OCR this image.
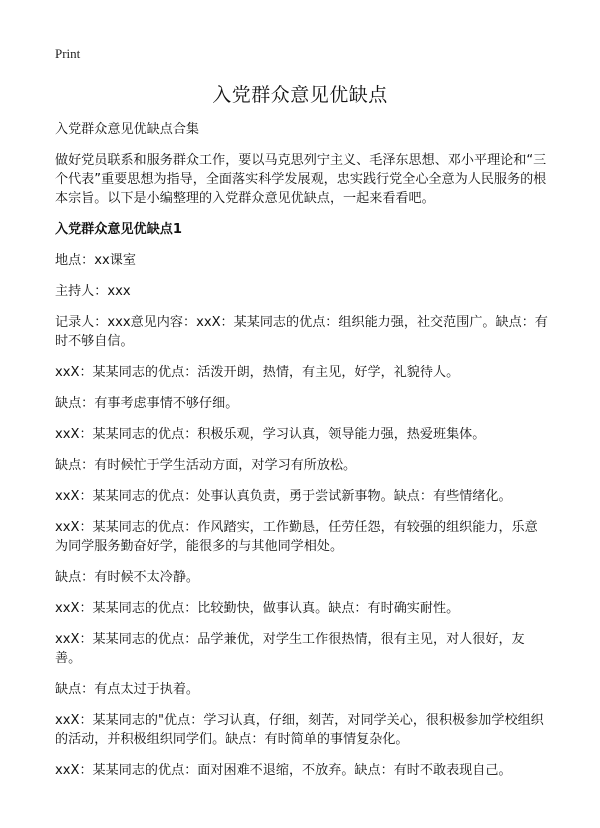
Print
入党群众意见优缺点

入党群众意见优缺点合集

做好党员联系和服务群众工作，要以马克思列宁主义、毛泽东思想、邓小平理论和“三个代表”重要思想为指导，全面落实科学发展观，忠实践行党全心全意为人民服务的根本宗旨。以下是小编整理的入党群众意见优缺点，一起来看看吧。

入党群众意见优缺点1

地点：xx课室

主持人：xxx

记录人：xxx意见内容：xxX：某某同志的优点：组织能力强，社交范围广。缺点：有时不够自信。

xxX：某某同志的优点：活泼开朗，热情，有主见，好学，礼貌待人。

缺点：有事考虑事情不够仔细。

xxX：某某同志的优点：积极乐观，学习认真，领导能力强，热爱班集体。

缺点：有时候忙于学生活动方面，对学习有所放松。

xxX：某某同志的优点：处事认真负责，勇于尝试新事物。缺点：有些情绪化。

xxX：某某同志的优点：作风踏实，工作勤恳，任劳任怨，有较强的组织能力，乐意为同学服务勤奋好学，能很多的与其他同学相处。

缺点：有时候不太冷静。

xxX：某某同志的优点：比较勤快，做事认真。缺点：有时确实耐性。

xxX：某某同志的优点：品学兼优，对学生工作很热情，很有主见，对人很好，友善。

缺点：有点太过于执着。

xxX：某某同志的"优点：学习认真，仔细，刻苦，对同学关心，很积极参加学校组织的活动，并积极组织同学们。缺点：有时简单的事情复杂化。

xxX：某某同志的优点：面对困难不退缩，不放弃。缺点：有时不敢表现自己。
